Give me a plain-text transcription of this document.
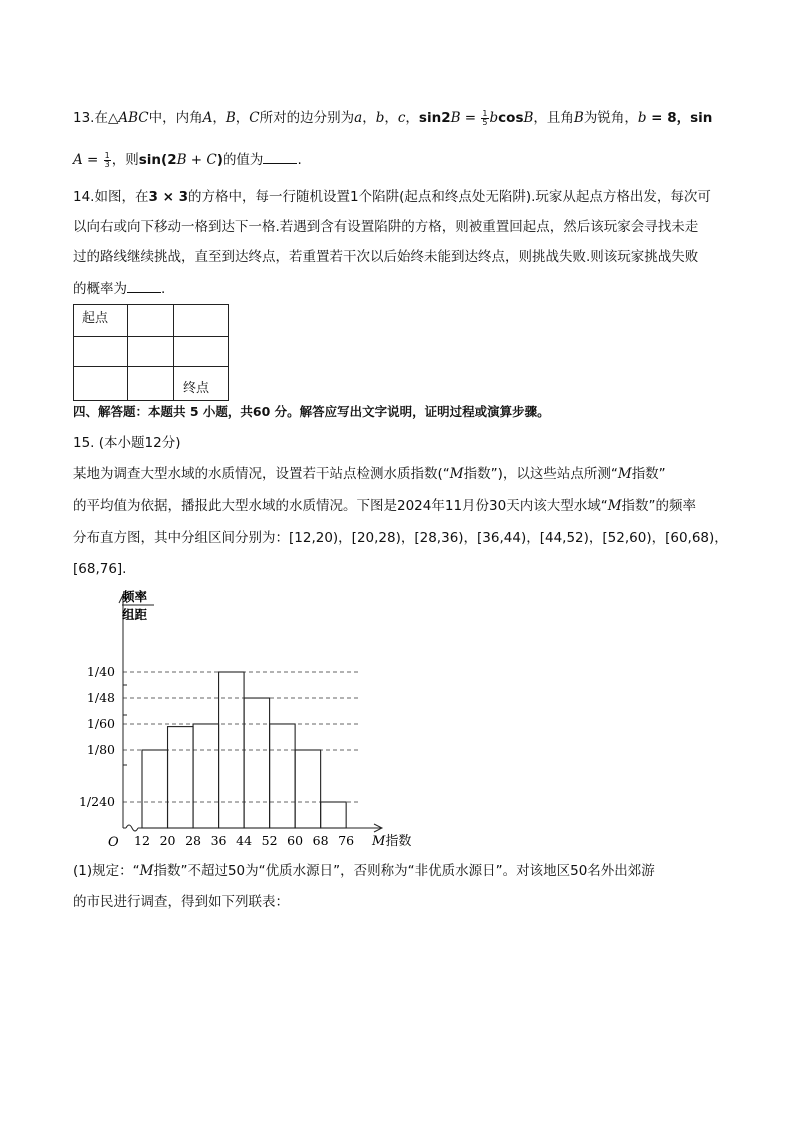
13.在△ABC中，内角A，B，C所对的边分别为a，b，c，$\sin 2B = \frac{1}{5}$ bcosB，且角B为锐角，b = 8，sin
$A = \frac{1}{3}$ ，则sin(2B + C)的值为	.
14.如图，在3 × 3的方格中，每一行随机设置1个陷阱(起点和终点处无陷阱).玩家从起点方格出发，每次可
以向右或向下移动一格到达下一格.若遇到含有设置陷阱的方格，则被重置回起点，然后该玩家会寻找未走
过的路线继续挑战，直至到达终点，若重置若干次以后始终未能到达终点，则挑战失败.则该玩家挑战失败
的概率为	.
起点		

		终点
四、解答题：本题共 5 小题，共60 分。解答应写出文字说明，证明过程或演算步骤。
15. (本小题12分)
某地为调查大型水域的水质情况，设置若干站点检测水质指数(“M指数”)，以这些站点所测“M指数”
的平均值为依据，播报此大型水域的水质情况。下图是2024年11月份30天内该大型水域“M指数”的频率
分布直方图，其中分组区间分别为：[12,20)，[20,28)，[28,36)，[36,44)，[44,52)，[52,60)，[60,68)，
[68,76].
1/40
1/48
1/60
1/80
1/240
12 20 28 36 44 52 60 68 76
O
频率
组距
M指数
(1)规定：“M指数”不超过50为“优质水源日”，否则称为“非优质水源日”。对该地区50名外出郊游
的市民进行调查，得到如下列联表：
